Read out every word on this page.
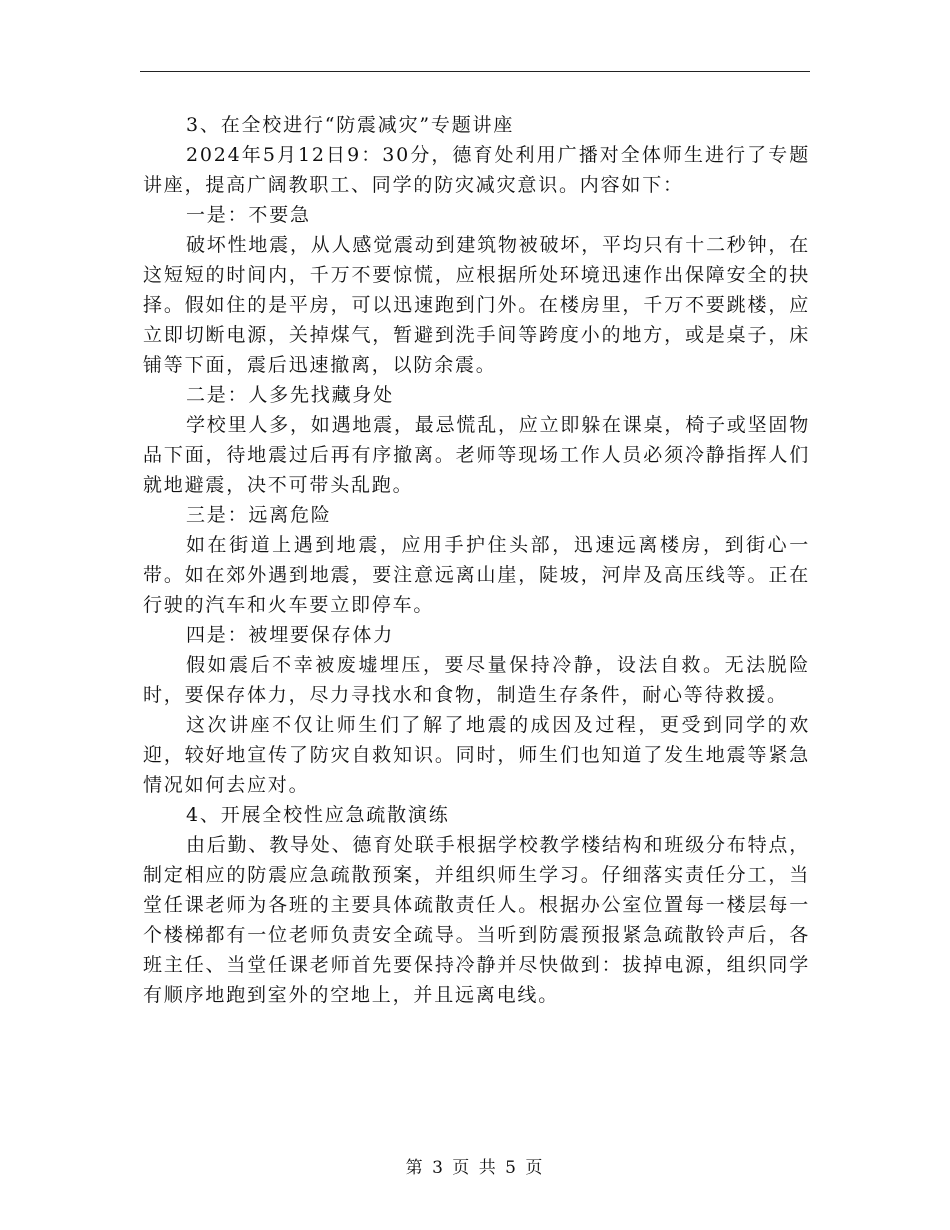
3、在全校进行“防震减灾”专题讲座

2024年5月12日9：30分，德育处利用广播对全体师生进行了专题讲座，提高广阔教职工、同学的防灾减灾意识。内容如下：

一是：不要急

破坏性地震，从人感觉震动到建筑物被破坏，平均只有十二秒钟，在这短短的时间内，千万不要惊慌，应根据所处环境迅速作出保障安全的抉择。假如住的是平房，可以迅速跑到门外。在楼房里，千万不要跳楼，应立即切断电源，关掉煤气，暂避到洗手间等跨度小的地方，或是桌子，床铺等下面，震后迅速撤离，以防余震。

二是：人多先找藏身处

学校里人多，如遇地震，最忌慌乱，应立即躲在课桌，椅子或坚固物品下面，待地震过后再有序撤离。老师等现场工作人员必须冷静指挥人们就地避震，决不可带头乱跑。

三是：远离危险

如在街道上遇到地震，应用手护住头部，迅速远离楼房，到街心一带。如在郊外遇到地震，要注意远离山崖，陡坡，河岸及高压线等。正在行驶的汽车和火车要立即停车。

四是：被埋要保存体力

假如震后不幸被废墟埋压，要尽量保持冷静，设法自救。无法脱险时，要保存体力，尽力寻找水和食物，制造生存条件，耐心等待救援。

这次讲座不仅让师生们了解了地震的成因及过程，更受到同学的欢迎，较好地宣传了防灾自救知识。同时，师生们也知道了发生地震等紧急情况如何去应对。

4、开展全校性应急疏散演练

由后勤、教导处、德育处联手根据学校教学楼结构和班级分布特点，制定相应的防震应急疏散预案，并组织师生学习。仔细落实责任分工，当堂任课老师为各班的主要具体疏散责任人。根据办公室位置每一楼层每一个楼梯都有一位老师负责安全疏导。当听到防震预报紧急疏散铃声后，各班主任、当堂任课老师首先要保持冷静并尽快做到：拔掉电源，组织同学有顺序地跑到室外的空地上，并且远离电线。

第 3 页 共 5 页
